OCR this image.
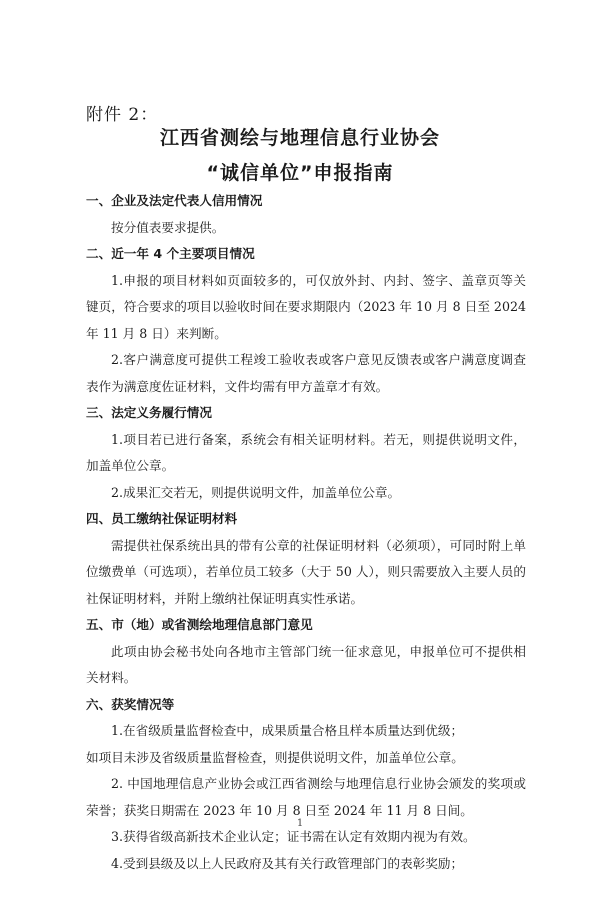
附件 2：
江西省测绘与地理信息行业协会
“诚信单位”申报指南
一、企业及法定代表人信用情况
按分值表要求提供。
二、近一年 4 个主要项目情况
1.申报的项目材料如页面较多的，可仅放外封、内封、签字、盖章页等关键页，符合要求的项目以验收时间在要求期限内（2023 年 10 月 8 日至 2024 年 11 月 8 日）来判断。
2.客户满意度可提供工程竣工验收表或客户意见反馈表或客户满意度调查表作为满意度佐证材料，文件均需有甲方盖章才有效。
三、法定义务履行情况
1.项目若已进行备案，系统会有相关证明材料。若无，则提供说明文件，加盖单位公章。
2.成果汇交若无，则提供说明文件，加盖单位公章。
四、员工缴纳社保证明材料
需提供社保系统出具的带有公章的社保证明材料（必须项），可同时附上单位缴费单（可选项），若单位员工较多（大于 50 人），则只需要放入主要人员的社保证明材料，并附上缴纳社保证明真实性承诺。
五、市（地）或省测绘地理信息部门意见
此项由协会秘书处向各地市主管部门统一征求意见，申报单位可不提供相关材料。
六、获奖情况等
1.在省级质量监督检查中，成果质量合格且样本质量达到优级；
如项目未涉及省级质量监督检查，则提供说明文件，加盖单位公章。
2. 中国地理信息产业协会或江西省测绘与地理信息行业协会颁发的奖项或荣誉；获奖日期需在 2023 年 10 月 8 日至 2024 年 11 月 8 日间。
3.获得省级高新技术企业认定；证书需在认定有效期内视为有效。
4.受到县级及以上人民政府及其有关行政管理部门的表彰奖励；
1
